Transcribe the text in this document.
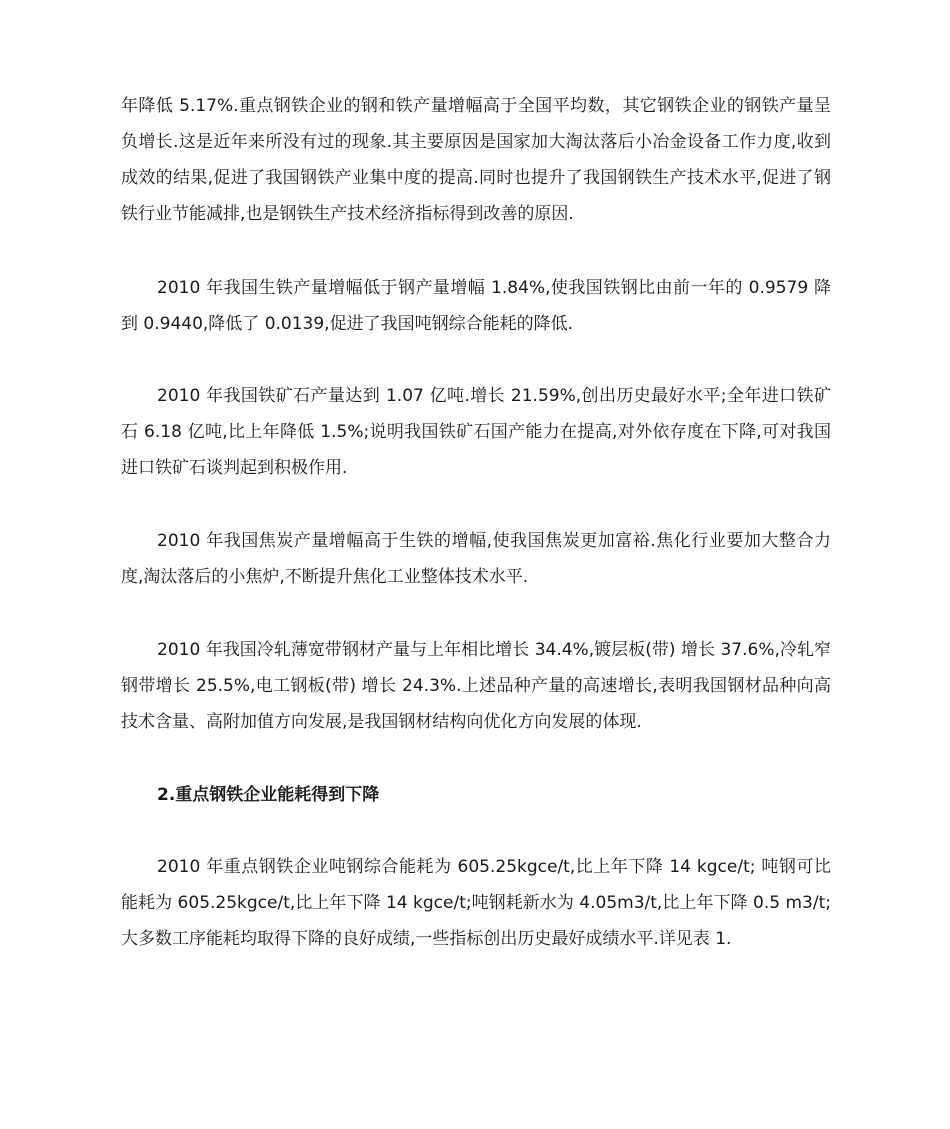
年降低 5.17%.重点钢铁企业的钢和铁产量增幅高于全国平均数，其它钢铁企业的钢铁产量呈负增长.这是近年来所没有过的现象.其主要原因是国家加大淘汰落后小冶金设备工作力度,收到成效的结果,促进了我国钢铁产业集中度的提高.同时也提升了我国钢铁生产技术水平,促进了钢铁行业节能减排,也是钢铁生产技术经济指标得到改善的原因.

2010 年我国生铁产量增幅低于钢产量增幅 1.84%,使我国铁钢比由前一年的 0.9579 降到 0.9440,降低了 0.0139,促进了我国吨钢综合能耗的降低.

2010 年我国铁矿石产量达到 1.07 亿吨.增长 21.59%,创出历史最好水平;全年进口铁矿石 6.18 亿吨,比上年降低 1.5%;说明我国铁矿石国产能力在提高,对外依存度在下降,可对我国进口铁矿石谈判起到积极作用.

2010 年我国焦炭产量增幅高于生铁的增幅,使我国焦炭更加富裕.焦化行业要加大整合力度,淘汰落后的小焦炉,不断提升焦化工业整体技术水平.

2010 年我国冷轧薄宽带钢材产量与上年相比增长 34.4%,镀层板(带) 增长 37.6%,冷轧窄钢带增长 25.5%,电工钢板(带) 增长 24.3%.上述品种产量的高速增长,表明我国钢材品种向高技术含量、高附加值方向发展,是我国钢材结构向优化方向发展的体现.

2.重点钢铁企业能耗得到下降

2010 年重点钢铁企业吨钢综合能耗为 605.25kgce/t,比上年下降 14 kgce/t; 吨钢可比能耗为 605.25kgce/t,比上年下降 14 kgce/t;吨钢耗新水为 4.05m3/t,比上年下降 0.5 m3/t;大多数工序能耗均取得下降的良好成绩,一些指标创出历史最好成绩水平.详见表 1.
